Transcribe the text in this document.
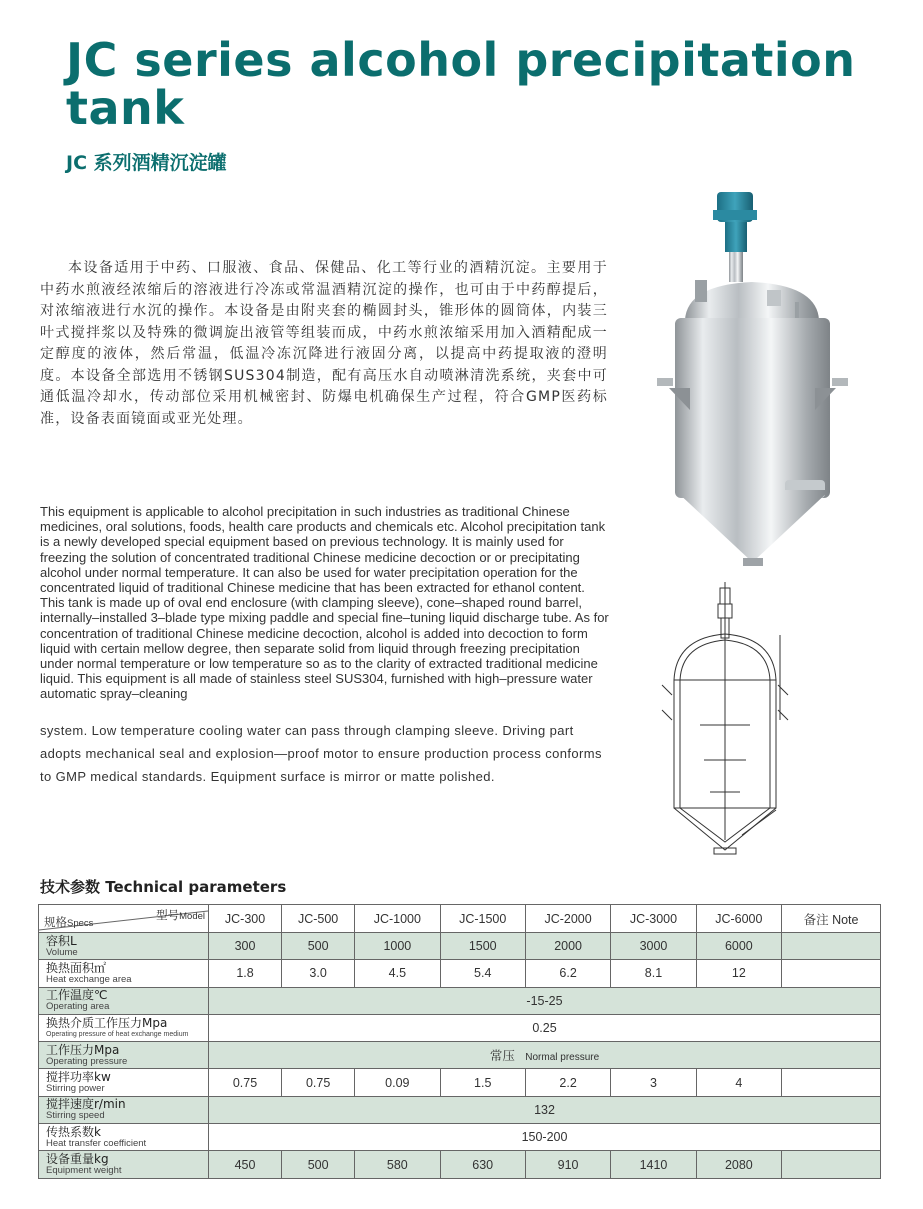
JC series alcohol precipitation tank
JC 系列酒精沉淀罐

本设备适用于中药、口服液、食品、保健品、化工等行业的酒精沉淀。主要用于中药水煎液经浓缩后的溶液进行冷冻或常温酒精沉淀的操作，也可由于中药醇提后，对浓缩液进行水沉的操作。本设备是由附夹套的椭圆封头，锥形体的圆筒体，内装三叶式搅拌浆以及特殊的微调旋出液管等组装而成，中药水煎浓缩采用加入酒精配成一定醇度的液体，然后常温，低温冷冻沉降进行液固分离，以提高中药提取液的澄明度。本设备全部选用不锈钢SUS304制造，配有高压水自动喷淋清洗系统，夹套中可通低温冷却水，传动部位采用机械密封、防爆电机确保生产过程，符合GMP医药标准，设备表面镜面或亚光处理。

This equipment is applicable to alcohol precipitation in such industries as traditional Chinese medicines, oral solutions, foods, health care products and chemicals etc. Alcohol precipitation tank is a newly developed special equipment based on previous technology. It is mainly used for freezing the solution of concentrated traditional Chinese medicine decoction or or precipitating alcohol under normal temperature. It can also be used for water precipitation operation for the concentrated liquid of traditional Chinese medicine that has been extracted for ethanol content. This tank is made up of oval end enclosure (with clamping sleeve), cone–shaped round barrel, internally–installed 3–blade type mixing paddle and special fine–tuning liquid discharge tube. As for concentration of traditional Chinese medicine decoction, alcohol is added into decoction to form liquid with certain mellow degree, then separate solid from liquid through freezing precipitation under normal temperature or low temperature so as to the clarity of extracted traditional medicine liquid. This equipment is all made of stainless steel SUS304, furnished with high–pressure water automatic spray–cleaning

system. Low temperature cooling water can pass through clamping sleeve. Driving part adopts mechanical seal and explosion—proof motor to ensure production process conforms to GMP medical standards. Equipment surface is mirror or matte polished.

技术参数 Technical parameters
型号Model
规格Specs	JC-300	JC-500	JC-1000	JC-1500	JC-2000	JC-3000	JC-6000	备注 Note

容积L
Volume	300	500	1000	1500	2000	3000	6000	

换热面积㎡
Heat exchange area	1.8	3.0	4.5	5.4	6.2	8.1	12	

工作温度℃
Operating area	-15-25							

换热介质工作压力Mpa
Operating pressure of heat exchange medium	0.25							

工作压力Mpa
Operating pressure	常压 Normal pressure							

搅拌功率kw
Stirring power	0.75	0.75	0.09	1.5	2.2	3	4	

搅拌速度r/min
Stirring speed	132							

传热系数k
Heat transfer coefficient	150-200							

设备重量kg
Equipment weight	450	500	580	630	910	1410	2080	
